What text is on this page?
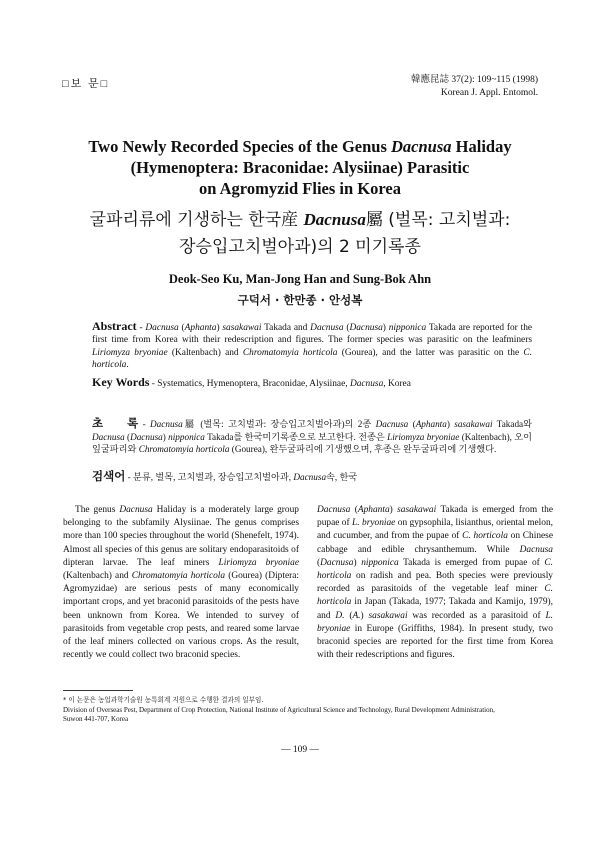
□보 문□	韓應昆誌 37(2): 109~115 (1998)
Korean J. Appl. Entomol.
Two Newly Recorded Species of the Genus Dacnusa Haliday
(Hymenoptera: Braconidae: Alysiinae) Parasitic
on Agromyzid Flies in Korea
굴파리류에 기생하는 한국産 Dacnusa屬 (벌목: 고치벌과:
장승입고치벌아과)의 2 미기록종
Deok-Seo Ku, Man-Jong Han and Sung-Bok Ahn
구덕서 · 한만종 · 안성복
Abstract - Dacnusa (Aphanta) sasakawai Takada and Dacnusa (Dacnusa) nipponica Takada are reported for the first time from Korea with their redescription and figures. The former species was parasitic on the leafminers Liriomyza bryoniae (Kaltenbach) and Chromatomyia horticola (Gourea), and the latter was parasitic on the C. horticola.
Key Words - Systematics, Hymenoptera, Braconidae, Alysiinae, Dacnusa, Korea
초 록 - Dacnusa屬 (벌목: 고치벌과: 장승입고치벌아과)의 2종 Dacnusa (Aphanta) sasakawai Takada와 Dacnusa (Dacnusa) nipponica Takada를 한국미기록종으로 보고한다. 전종은 Liriomyza bryoniae (Kaltenbach), 오이잎굴파리와 Chromatomyia horticola (Gourea), 완두굴파리에 기생했으며, 후종은 완두굴파리에 기생했다.
검색어 - 분류, 벌목, 고치벌과, 장승입고치벌아과, Dacnusa속, 한국
The genus Dacnusa Haliday is a moderately large group belonging to the subfamily Alysiinae. The genus comprises more than 100 species throughout the world (Shenefelt, 1974). Almost all species of this genus are solitary endoparasitoids of dipteran larvae. The leaf miners Liriomyza bryoniae (Kaltenbach) and Chromatomyia horticola (Gourea) (Diptera: Agromyzidae) are serious pests of many economically important crops, and yet braconid parasitoids of the pests have been unknown from Korea. We intended to survey of parasitoids from vegetable crop pests, and reared some larvae of the leaf miners collected on various crops. As the result, recently we could collect two braconid species.
Dacnusa (Aphanta) sasakawai Takada is emerged from the pupae of L. bryoniae on gypsophila, lisianthus, oriental melon, and cucumber, and from the pupae of C. horticola on Chinese cabbage and edible chrysanthemum. While Dacnusa (Dacnusa) nipponica Takada is emerged from pupae of C. horticola on radish and pea. Both species were previously recorded as parasitoids of the vegetable leaf miner C. horticola in Japan (Takada, 1977; Takada and Kamijo, 1979), and D. (A.) sasakawai was recorded as a parasitoid of L. bryoniae in Europe (Griffiths, 1984). In present study, two braconid species are reported for the first time from Korea with their redescriptions and figures.
* 이 논문은 농업과학기술원 농특회계 지원으로 수행한 결과의 일부임.
Division of Overseas Pest, Department of Crop Protection, National Institute of Agricultural Science and Technology, Rural Development Administration,
Suwon 441-707, Korea
— 109 —
